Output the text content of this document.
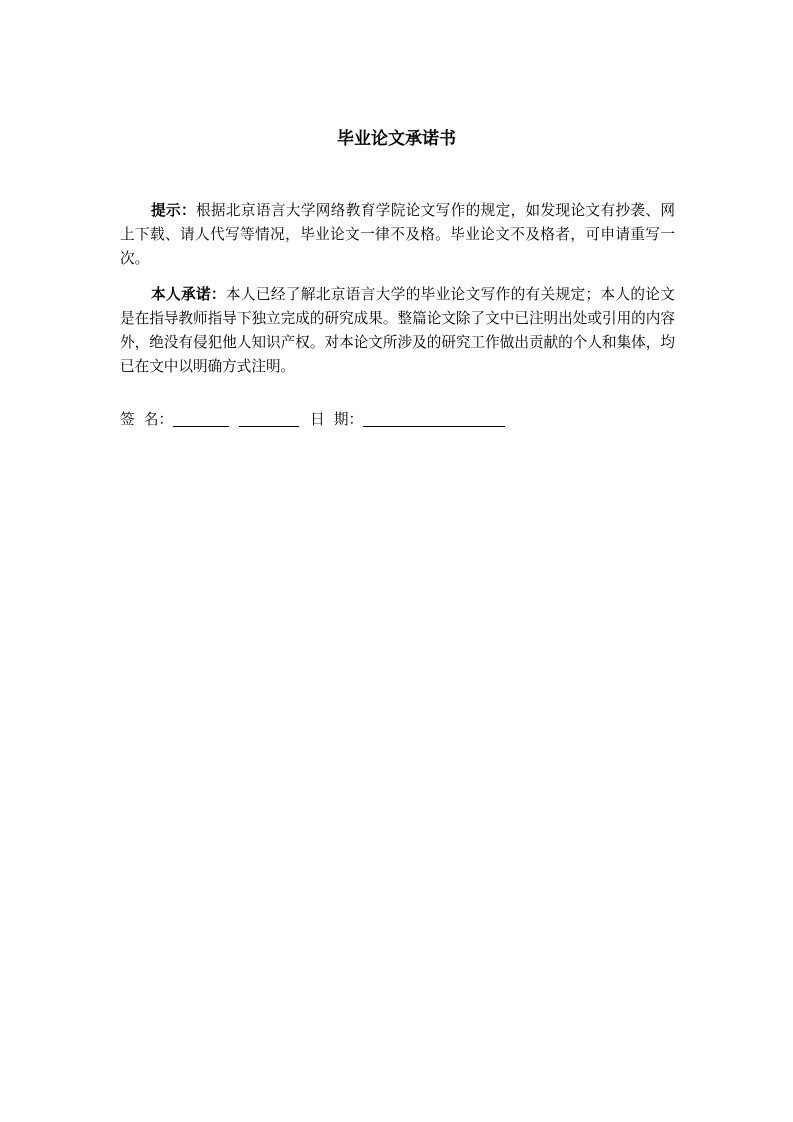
毕业论文承诺书
提示：根据北京语言大学网络教育学院论文写作的规定，如发现论文有抄袭、网上下载、请人代写等情况，毕业论文一律不及格。毕业论文不及格者，可申请重写一次。
本人承诺：本人已经了解北京语言大学的毕业论文写作的有关规定；本人的论文是在指导教师指导下独立完成的研究成果。整篇论文除了文中已注明出处或引用的内容外，绝没有侵犯他人知识产权。对本论文所涉及的研究工作做出贡献的个人和集体，均已在文中以明确方式注明。
签  名：	日  期：
